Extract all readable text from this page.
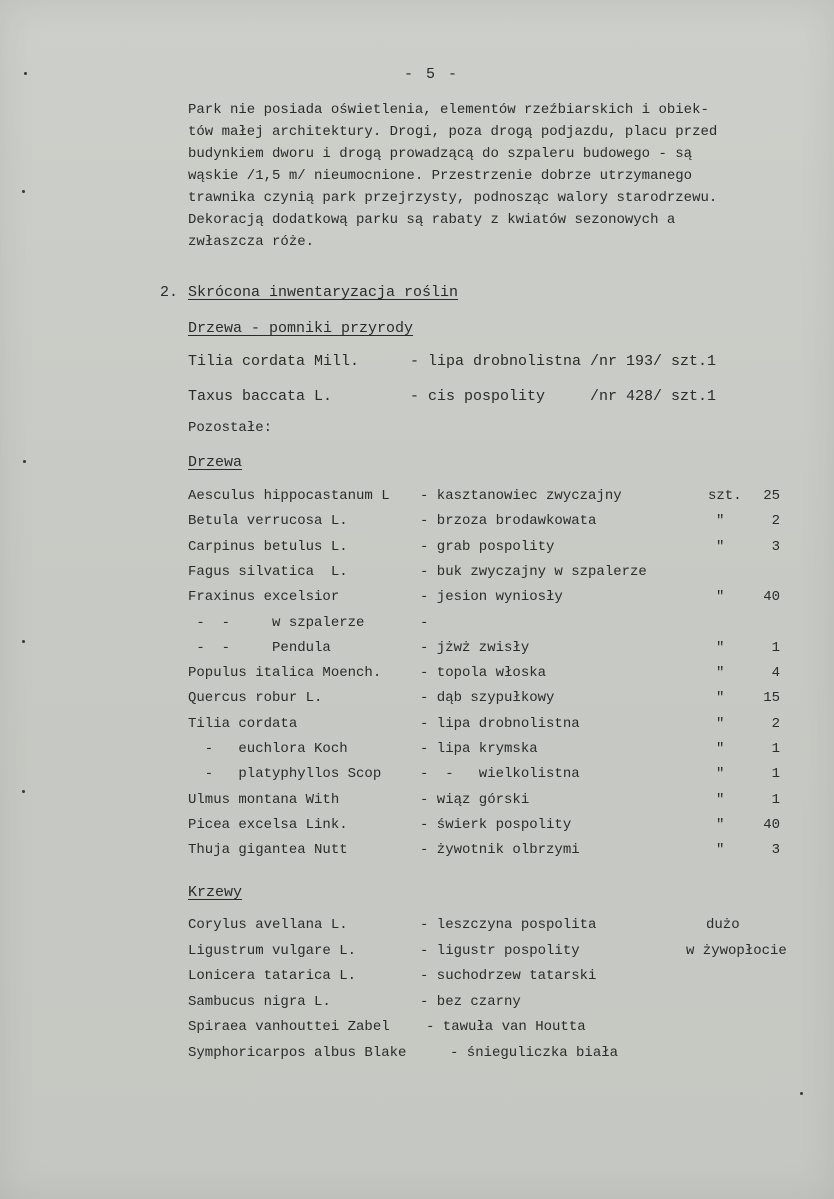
- 5 -
Park nie posiada oświetlenia, elementów rzeźbiarskich i obiek-
tów małej architektury. Drogi, poza drogą podjazdu, placu przed
budynkiem dworu i drogą prowadzącą do szpaleru budowego - są
wąskie /1,5 m/ nieumocnione. Przestrzenie dobrze utrzymanego
trawnika czynią park przejrzysty, podnosząc walory starodrzewu.
Dekoracją dodatkową parku są rabaty z kwiatów sezonowych a
zwłaszcza róże.
2. Skrócona inwentaryzacja roślin
Drzewa - pomniki przyrody
Tilia cordata Mill.	- lipa drobnolistna /nr 193/ szt.1
Taxus baccata L.	- cis pospolity     /nr 428/ szt.1
Pozostałe:
Drzewa
Aesculus hippocastanum L - kasztanowiec zwyczajny	szt.	25
Betula verrucosa L.	- brzoza brodawkowata	"	2
Carpinus betulus L.	- grab pospolity	"	3
Fagus silvatica  L.	- buk zwyczajny w szpalerze
Fraxinus excelsior	- jesion wyniosły	"	40
-  -     w szpalerze	-
-  -     Pendula	- jżwż zwisły	"	1
Populus italica Moench.	- topola włoska	"	4
Quercus robur L.	- dąb szypułkowy	"	15
Tilia cordata	- lipa drobnolistna	"	2
-   euchlora Koch	- lipa krymska	"	1
-   platyphyllos Scop	-  -   wielkolistna	"	1
Ulmus montana With	- wiąz górski	"	1
Picea excelsa Link.	- świerk pospolity	"	40
Thuja gigantea Nutt	- żywotnik olbrzymi	"	3
Krzewy
Corylus avellana L.	- leszczyna pospolita	dużo
Ligustrum vulgare L.	- ligustr pospolity	w żywopłocie
Lonicera tatarica L.	- suchodrzew tatarski
Sambucus nigra L.	- bez czarny
Spiraea vanhouttei Zabel	- tawuła van Houtta
Symphoricarpos albus Blake	- śnieguliczka biała
